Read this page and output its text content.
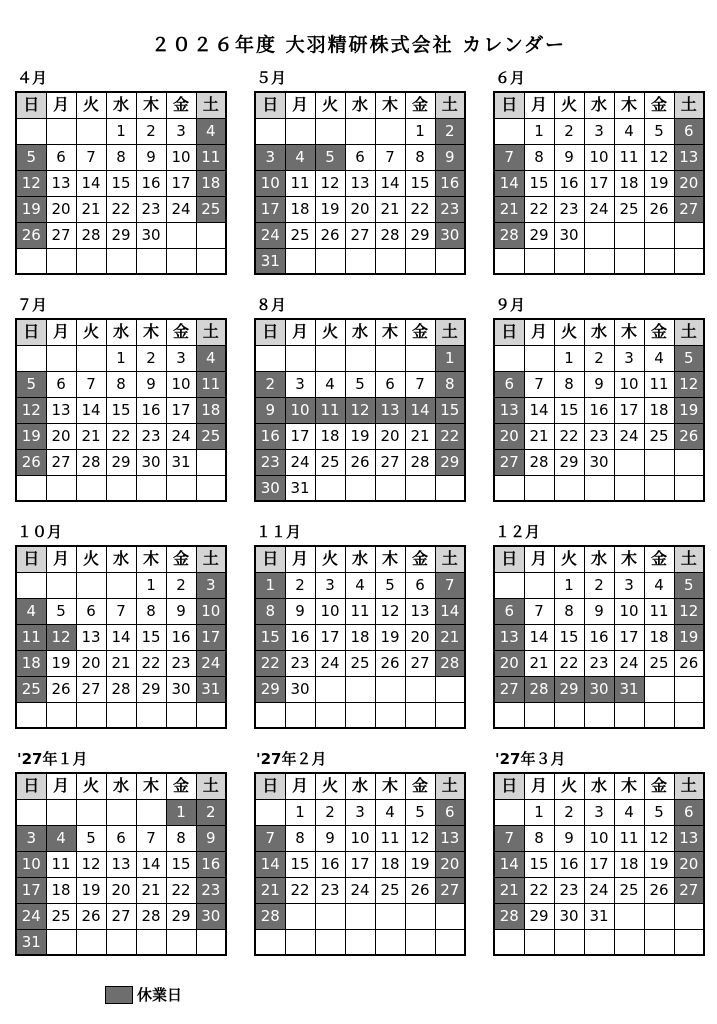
２０２６年度 大羽精研株式会社 カレンダー
４月
日	月	火	水	木	金	土
			1	2	3	4
5	6	7	8	9	10	11
12	13	14	15	16	17	18
19	20	21	22	23	24	25
26	27	28	29	30		

５月
日	月	火	水	木	金	土
					1	2
3	4	5	6	7	8	9
10	11	12	13	14	15	16
17	18	19	20	21	22	23
24	25	26	27	28	29	30
31						
６月
日	月	火	水	木	金	土
	1	2	3	4	5	6
7	8	9	10	11	12	13
14	15	16	17	18	19	20
21	22	23	24	25	26	27
28	29	30				

７月
日	月	火	水	木	金	土
			1	2	3	4
5	6	7	8	9	10	11
12	13	14	15	16	17	18
19	20	21	22	23	24	25
26	27	28	29	30	31	

８月
日	月	火	水	木	金	土
						1
2	3	4	5	6	7	8
9	10	11	12	13	14	15
16	17	18	19	20	21	22
23	24	25	26	27	28	29
30	31					
９月
日	月	火	水	木	金	土
		1	2	3	4	5
6	7	8	9	10	11	12
13	14	15	16	17	18	19
20	21	22	23	24	25	26
27	28	29	30			

１０月
日	月	火	水	木	金	土
				1	2	3
4	5	6	7	8	9	10
11	12	13	14	15	16	17
18	19	20	21	22	23	24
25	26	27	28	29	30	31

１１月
日	月	火	水	木	金	土
1	2	3	4	5	6	7
8	9	10	11	12	13	14
15	16	17	18	19	20	21
22	23	24	25	26	27	28
29	30					

１２月
日	月	火	水	木	金	土
		1	2	3	4	5
6	7	8	9	10	11	12
13	14	15	16	17	18	19
20	21	22	23	24	25	26
27	28	29	30	31		

'27年１月
日	月	火	水	木	金	土
					1	2
3	4	5	6	7	8	9
10	11	12	13	14	15	16
17	18	19	20	21	22	23
24	25	26	27	28	29	30
31						
'27年２月
日	月	火	水	木	金	土
	1	2	3	4	5	6
7	8	9	10	11	12	13
14	15	16	17	18	19	20
21	22	23	24	25	26	27
28						

'27年３月
日	月	火	水	木	金	土
	1	2	3	4	5	6
7	8	9	10	11	12	13
14	15	16	17	18	19	20
21	22	23	24	25	26	27
28	29	30	31			

休業日
